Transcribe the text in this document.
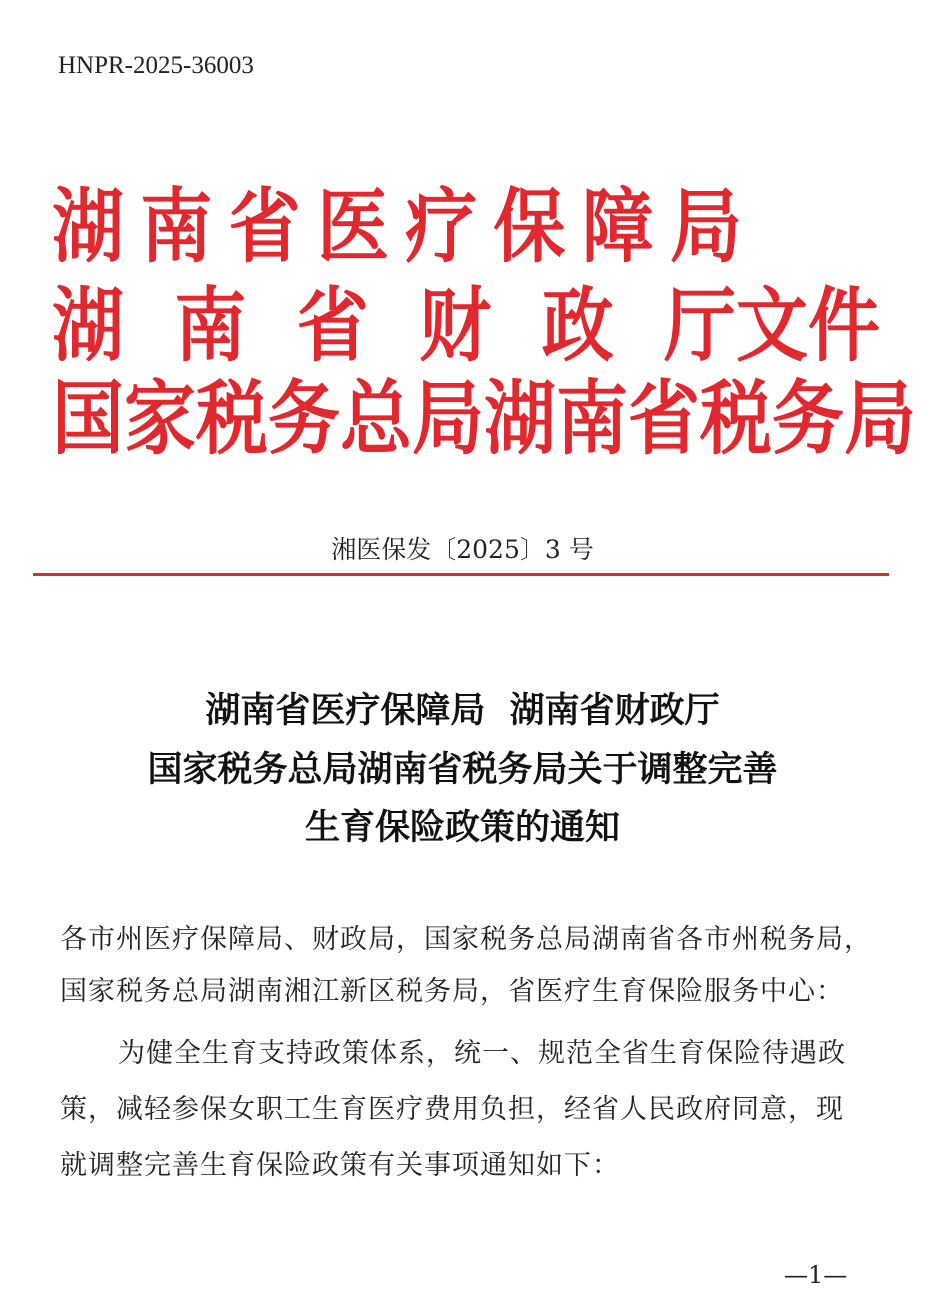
HNPR-2025-36003
湖 南 省 医 疗 保 障 局
湖 南 省 财 政 厅文件
国家税务总局湖南省税务局
湘医保发〔2025〕3 号
湖南省医疗保障局  湖南省财政厅
国家税务总局湖南省税务局关于调整完善
生育保险政策的通知
各市州医疗保障局、财政局，国家税务总局湖南省各市州税务局，
国家税务总局湖南湘江新区税务局，省医疗生育保险服务中心：
为健全生育支持政策体系，统一、规范全省生育保险待遇政
策，减轻参保女职工生育医疗费用负担，经省人民政府同意，现
就调整完善生育保险政策有关事项通知如下：
—1—
